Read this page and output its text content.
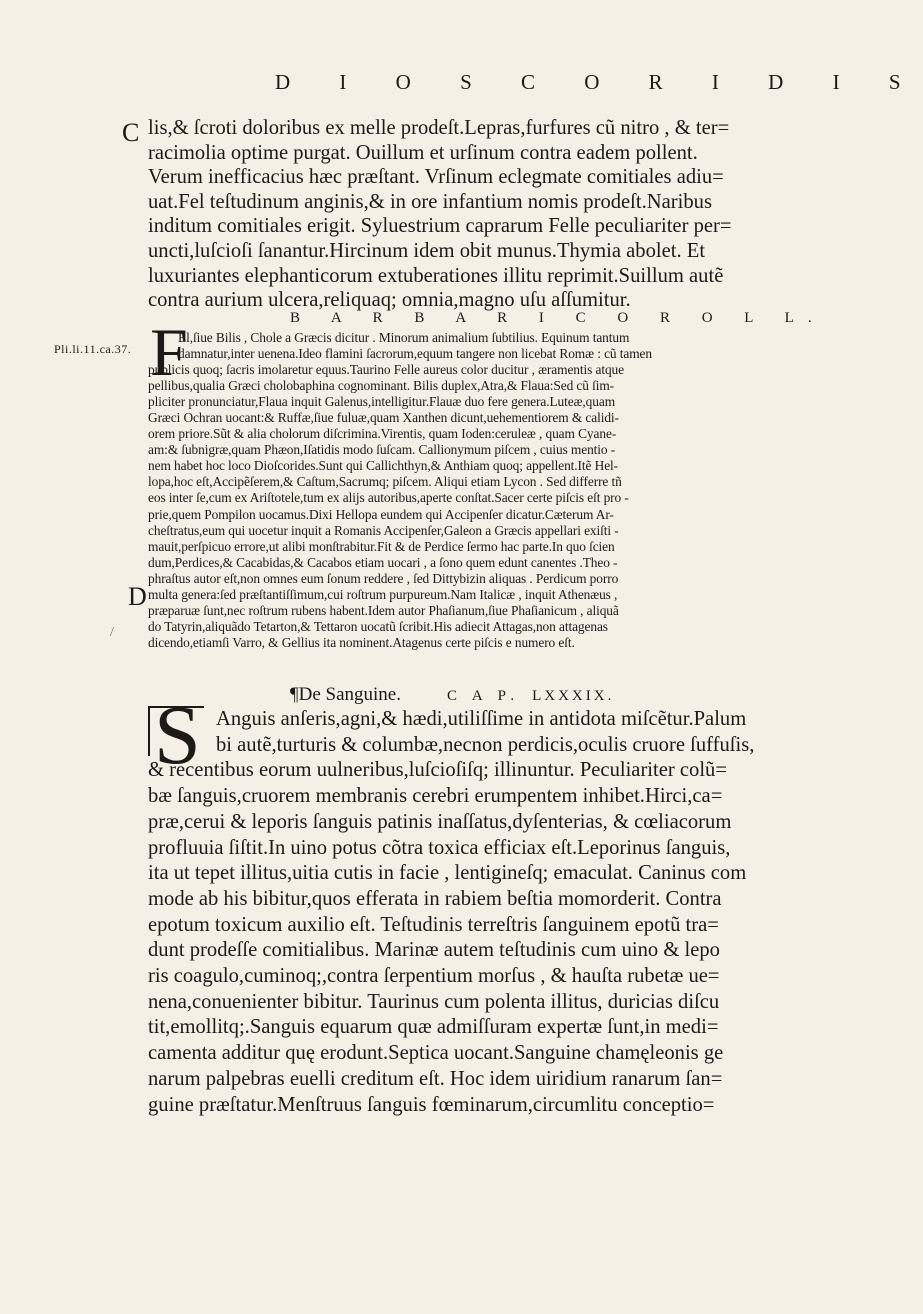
D I O S C O R I D I S
C lis,& ſcroti doloribus ex melle prodeſt.Lepras,furfures cũ nitro , & ter=
racimolia optime purgat. Ouillum et urſinum contra eadem pollent.
Verum inefficacius hæc præſtant. Vrſinum eclegmate comitiales adiu=
uat.Fel teſtudinum anginis,& in ore infantium nomis prodeſt.Naribus
inditum comitiales erigit. Syluestrium caprarum Felle peculiariter per=
uncti,luſcioſi ſanantur.Hircinum idem obit munus.Thymia abolet. Et
luxuriantes elephanticorum extuberationes illitu reprimit.Suillum autẽ
contra aurium ulcera,reliquaq; omnia,magno uſu aſſumitur.
B A R B A R I C O R O L L.
Pli.li.11.ca.37. F
El,ſiue Bilis , Chole a Græcis dicitur . Minorum animalium ſubtilius. Equinum tantum
damnatur,inter uenena.Ideo flamini ſacrorum,equum tangere non licebat Romæ : cũ tamen
publicis quoq; ſacris imolaretur equus.Taurino Felle aureus color ducitur , æramentis atque
pellibus,qualia Græci cholobaphina cognominant. Bilis duplex,Atra,& Flaua:Sed cũ ſim-
pliciter pronunciatur,Flaua inquit Galenus,intelligitur.Flauæ duo fere genera.Luteæ,quam
Græci Ochran uocant:& Ruffæ,ſiue fuluæ,quam Xanthen dicunt,uehementiorem & calidi-
orem priore.Sũt & alia cholorum diſcrimina.Virentis, quam Ioden:ceruleæ , quam Cyane-
am:& ſubnigræ,quam Phæon,Iſatidis modo ſuſcam. Callionymum piſcem , cuius mentio -
nem habet hoc loco Dioſcorides.Sunt qui Callichthyn,& Anthiam quoq; appellent.Itẽ Hel-
lopa,hoc eſt,Accipẽſerem,& Caſtum,Sacrumq; piſcem. Aliqui etiam Lycon . Sed differre tñ
eos inter ſe,cum ex Ariſtotele,tum ex alijs autoribus,aperte conſtat.Sacer certe piſcis eſt pro -
prie,quem Pompilon uocamus.Dixi Hellopa eundem qui Accipenſer dicatur.Cæterum Ar-
cheſtratus,eum qui uocetur inquit a Romanis Accipenſer,Galeon a Græcis appellari exiſti -
mauit,perſpicuo errore,ut alibi monſtrabitur.Fit & de Perdice ſermo hac parte.In quo ſcien
dum,Perdices,& Cacabidas,& Cacabos etiam uocari , a ſono quem edunt canentes .Theo -
phraſtus autor eſt,non omnes eum ſonum reddere , ſed Dittybizin aliquas . Perdicum porro
multa genera:ſed præſtantiſſimum,cui roſtrum purpureum.Nam Italicæ , inquit Athenæus ,
præparuæ ſunt,nec roſtrum rubens habent.Idem autor Phaſianum,ſiue Phaſianicum , aliquã
do Tatyrin,aliquãdo Tetarton,& Tettaron uocatũ ſcribit.His adiecit Attagas,non attagenas
dicendo,etiamſi Varro, & Gellius ita nominent.Atagenus certe piſcis e numero eſt.
D
/
¶De Sanguine.	C A P. LXXXIX.
S Anguis anſeris,agni,& hædi,utiliſſime in antidota miſcẽtur.Palum
bi autẽ,turturis & columbæ,necnon perdicis,oculis cruore ſuffuſis,
& recentibus eorum uulneribus,luſcioſiſq; illinuntur. Peculiariter colũ=
bæ ſanguis,cruorem membranis cerebri erumpentem inhibet.Hirci,ca=
præ,cerui & leporis ſanguis patinis inaſſatus,dyſenterias, & cœliacorum
profluuia ſiſtit.In uino potus cõtra toxica efficiax eſt.Leporinus ſanguis,
ita ut tepet illitus,uitia cutis in facie , lentigineſq; emaculat. Caninus com
mode ab his bibitur,quos efferata in rabiem beſtia momorderit. Contra
epotum toxicum auxilio eſt. Teſtudinis terreſtris ſanguinem epotũ tra=
dunt prodeſſe comitialibus. Marinæ autem teſtudinis cum uino & lepo
ris coagulo,cuminoq;,contra ſerpentium morſus , & hauſta rubetæ ue=
nena,conuenienter bibitur. Taurinus cum polenta illitus, duricias diſcu
tit,emollitq;.Sanguis equarum quæ admiſſuram expertæ ſunt,in medi=
camenta additur quę erodunt.Septica uocant.Sanguine chamęleonis ge
narum palpebras euelli creditum eſt. Hoc idem uiridium ranarum ſan=
guine præſtatur.Menſtruus ſanguis fœminarum,circumlitu conceptio=
